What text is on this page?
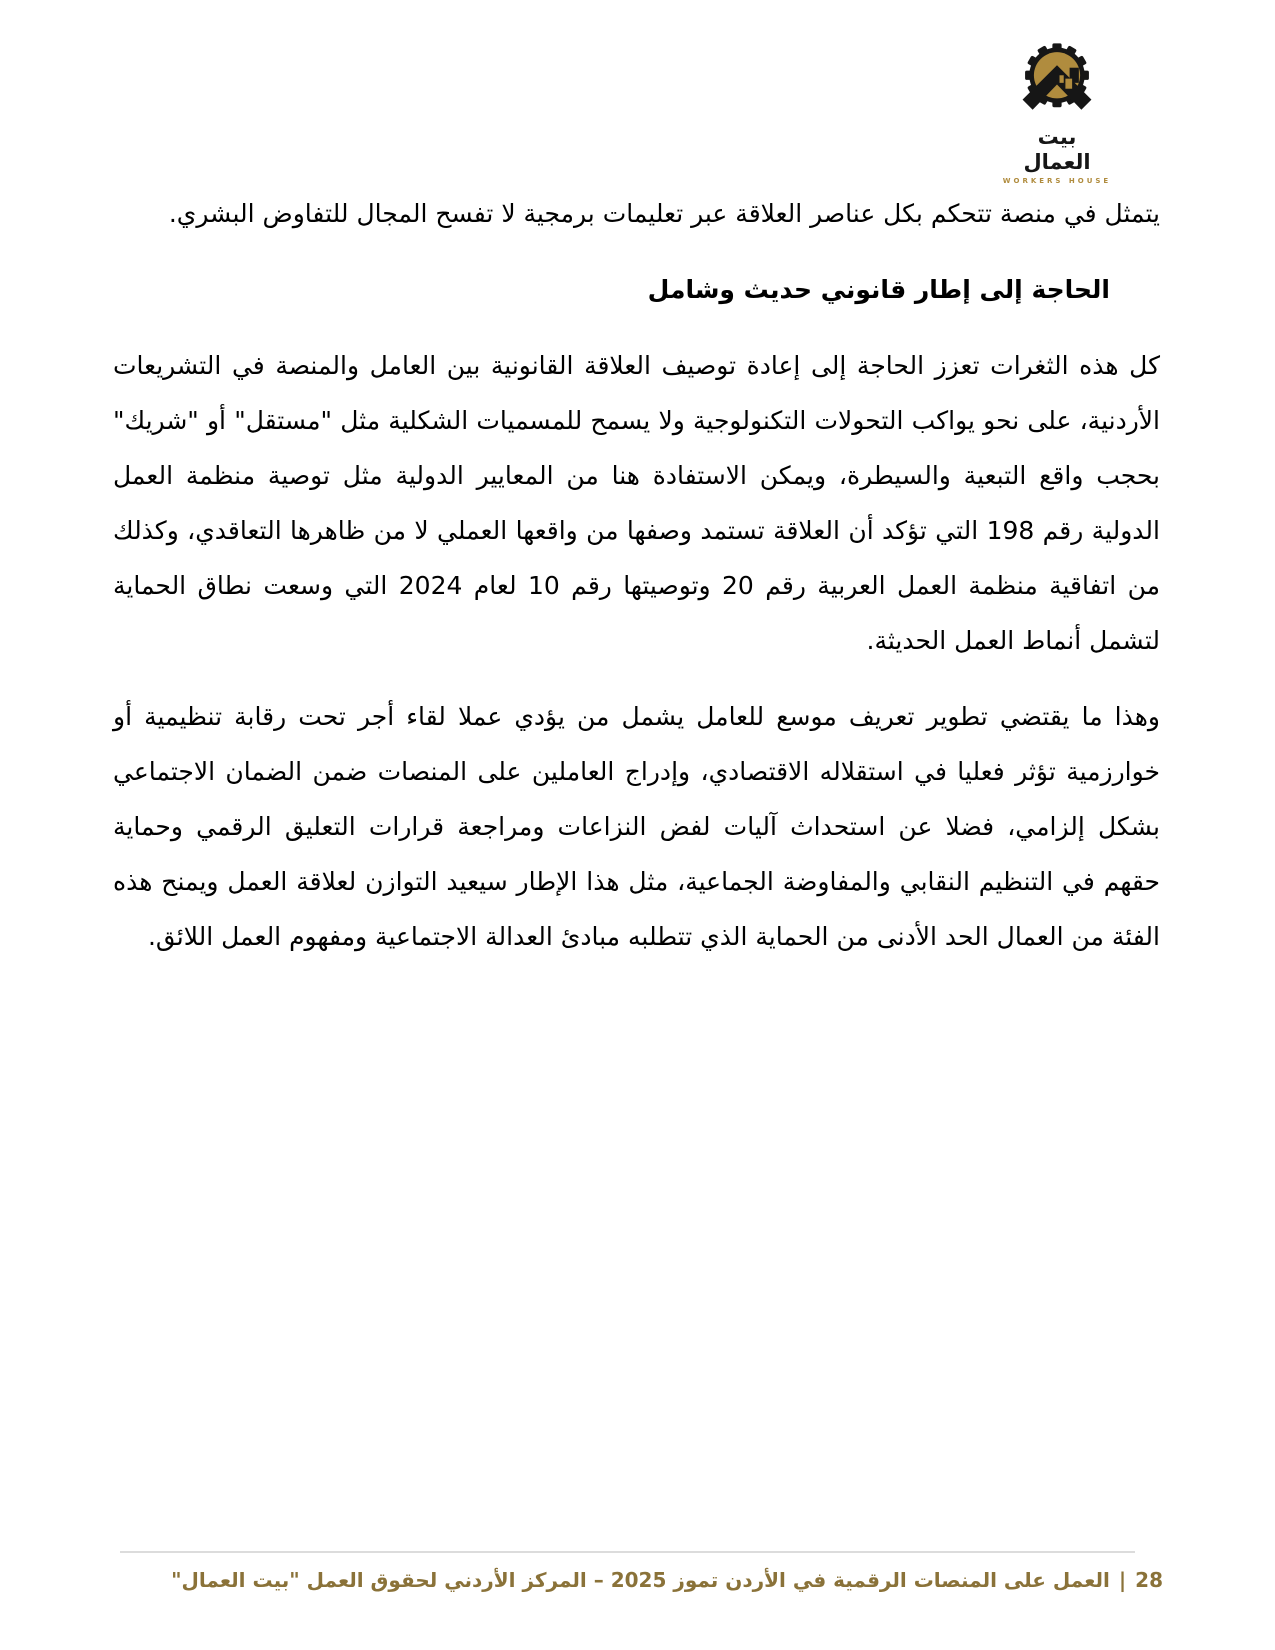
بيت
العمال
WORKERS HOUSE

يتمثل في منصة تتحكم بكل عناصر العلاقة عبر تعليمات برمجية لا تفسح المجال للتفاوض البشري.

الحاجة إلى إطار قانوني حديث وشامل

كل هذه الثغرات تعزز الحاجة إلى إعادة توصيف العلاقة القانونية بين العامل والمنصة في التشريعات الأردنية، على نحو يواكب التحولات التكنولوجية ولا يسمح للمسميات الشكلية مثل "مستقل" أو "شريك" بحجب واقع التبعية والسيطرة، ويمكن الاستفادة هنا من المعايير الدولية مثل توصية منظمة العمل الدولية رقم 198 التي تؤكد أن العلاقة تستمد وصفها من واقعها العملي لا من ظاهرها التعاقدي، وكذلك من اتفاقية منظمة العمل العربية رقم 20 وتوصيتها رقم 10 لعام 2024 التي وسعت نطاق الحماية لتشمل أنماط العمل الحديثة.

وهذا ما يقتضي تطوير تعريف موسع للعامل يشمل من يؤدي عملا لقاء أجر تحت رقابة تنظيمية أو خوارزمية تؤثر فعليا في استقلاله الاقتصادي، وإدراج العاملين على المنصات ضمن الضمان الاجتماعي بشكل إلزامي، فضلا عن استحداث آليات لفض النزاعات ومراجعة قرارات التعليق الرقمي وحماية حقهم في التنظيم النقابي والمفاوضة الجماعية، مثل هذا الإطار سيعيد التوازن لعلاقة العمل ويمنح هذه الفئة من العمال الحد الأدنى من الحماية الذي تتطلبه مبادئ العدالة الاجتماعية ومفهوم العمل اللائق.

28|العمل على المنصات الرقمية في الأردن تموز 2025 – المركز الأردني لحقوق العمل "بيت العمال"
